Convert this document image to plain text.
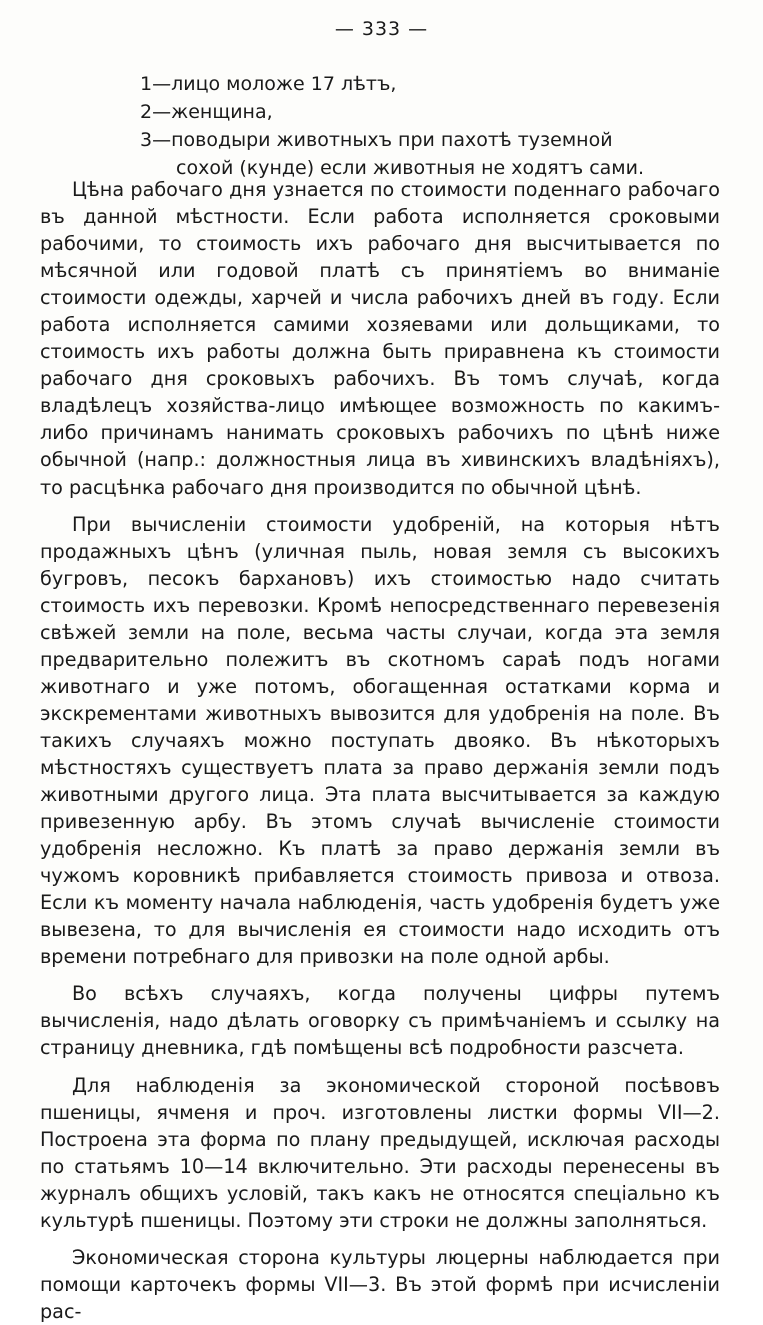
— 333 —
1—лицо моложе 17 лѣтъ,
2—женщина,
3—поводыри животныхъ при пахотѣ туземной
сохой (кунде) если животныя не ходятъ сами.

Цѣна рабочаго дня узнается по стоимости поденнаго рабочаго въ данной мѣстности. Если работа исполняется сроковыми рабочими, то стоимость ихъ рабочаго дня высчитывается по мѣсячной или годовой платѣ съ принятіемъ во вниманіе стоимости одежды, харчей и числа рабочихъ дней въ году. Если работа исполняется самими хозяевами или дольщиками, то стоимость ихъ работы должна быть приравнена къ стоимости рабочаго дня сроковыхъ рабочихъ. Въ томъ случаѣ, когда владѣлецъ хозяйства-лицо имѣющее возможность по какимъ-либо причинамъ нанимать сроковыхъ рабочихъ по цѣнѣ ниже обычной (напр.: должностныя лица въ хивинскихъ владѣніяхъ), то расцѣнка рабочаго дня производится по обычной цѣнѣ.

При вычисленіи стоимости удобреній, на которыя нѣтъ продажныхъ цѣнъ (уличная пыль, новая земля съ высокихъ бугровъ, песокъ бархановъ) ихъ стоимостью надо считать стоимость ихъ перевозки. Кромѣ непосредственнаго перевезенія свѣжей земли на поле, весьма часты случаи, когда эта земля предварительно полежитъ въ скотномъ сараѣ подъ ногами животнаго и уже потомъ, обогащенная остатками корма и экскрементами животныхъ вывозится для удобренія на поле. Въ такихъ случаяхъ можно поступать двояко. Въ нѣкоторыхъ мѣстностяхъ существуетъ плата за право держанія земли подъ животными другого лица. Эта плата высчитывается за каждую привезенную арбу. Въ этомъ случаѣ вычисленіе стоимости удобренія несложно. Къ платѣ за право держанія земли въ чужомъ коровникѣ прибавляется стоимость привоза и отвоза. Если къ моменту начала наблюденія, часть удобренія будетъ уже вывезена, то для вычисленія ея стоимости надо исходить отъ времени потребнаго для привозки на поле одной арбы.

Во всѣхъ случаяхъ, когда получены цифры путемъ вычисленія, надо дѣлать оговорку съ примѣчаніемъ и ссылку на страницу дневника, гдѣ помѣщены всѣ подробности разсчета.

Для наблюденія за экономической стороной посѣвовъ пшеницы, ячменя и проч. изготовлены листки формы VII—2. Построена эта форма по плану предыдущей, исключая расходы по статьямъ 10—14 включительно. Эти расходы перенесены въ журналъ общихъ условій, такъ какъ не относятся спеціально къ культурѣ пшеницы. Поэтому эти строки не должны заполняться.

Экономическая сторона культуры люцерны наблюдается при помощи карточекъ формы VII—3. Въ этой формѣ при исчисленіи рас-
